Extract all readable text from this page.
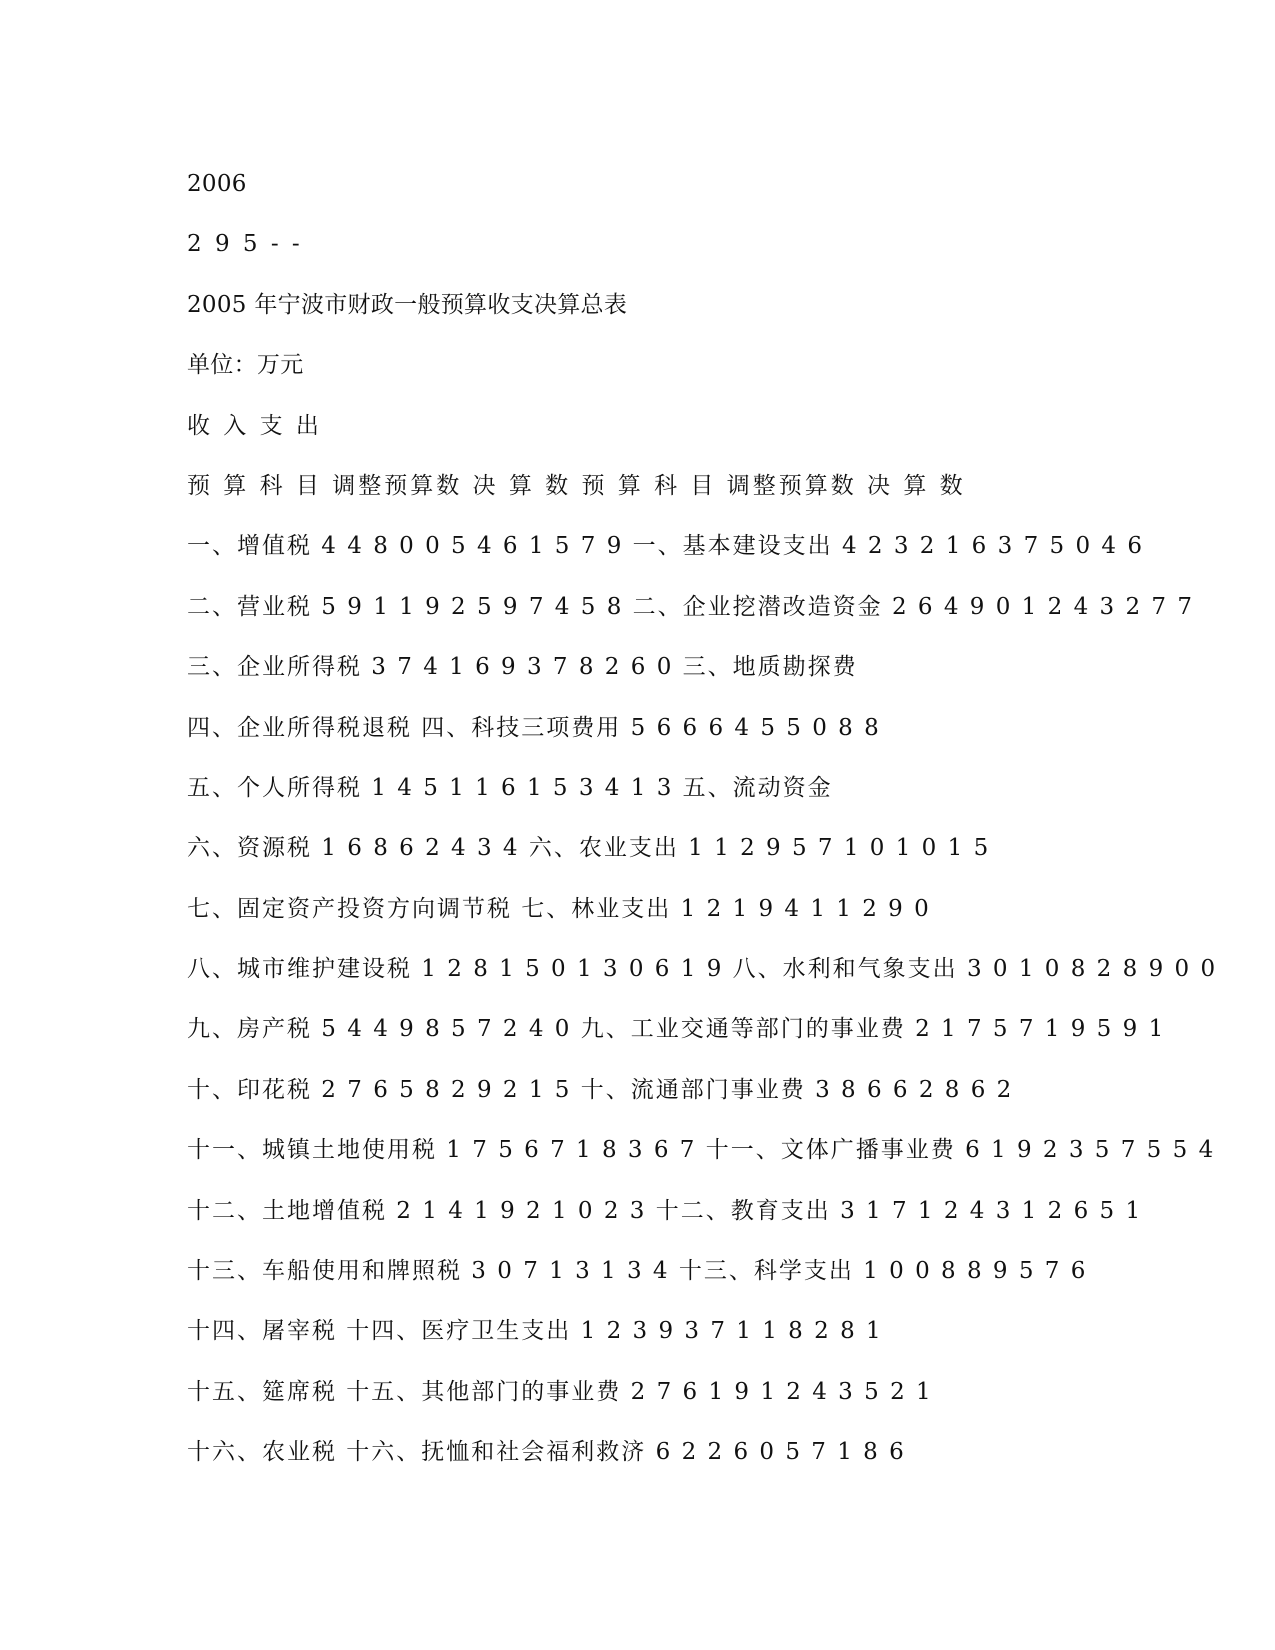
2006
2 9 5 - -
2005 年宁波市财政一般预算收支决算总表
单位：万元
收 入 支 出
预 算 科 目 调整预算数 决 算 数 预 算 科 目 调整预算数 决 算 数
一、增值税 4 4 8 0 0 5 4 6 1 5 7 9 一、基本建设支出 4 2 3 2 1 6 3 7 5 0 4 6
二、营业税 5 9 1 1 9 2 5 9 7 4 5 8 二、企业挖潜改造资金 2 6 4 9 0 1 2 4 3 2 7 7
三、企业所得税 3 7 4 1 6 9 3 7 8 2 6 0 三、地质勘探费
四、企业所得税退税 四、科技三项费用 5 6 6 6 4 5 5 0 8 8
五、个人所得税 1 4 5 1 1 6 1 5 3 4 1 3 五、流动资金
六、资源税 1 6 8 6 2 4 3 4 六、农业支出 1 1 2 9 5 7 1 0 1 0 1 5
七、固定资产投资方向调节税 七、林业支出 1 2 1 9 4 1 1 2 9 0
八、城市维护建设税 1 2 8 1 5 0 1 3 0 6 1 9 八、水利和气象支出 3 0 1 0 8 2 8 9 0 0
九、房产税 5 4 4 9 8 5 7 2 4 0 九、工业交通等部门的事业费 2 1 7 5 7 1 9 5 9 1
十、印花税 2 7 6 5 8 2 9 2 1 5 十、流通部门事业费 3 8 6 6 2 8 6 2
十一、城镇土地使用税 1 7 5 6 7 1 8 3 6 7 十一、文体广播事业费 6 1 9 2 3 5 7 5 5 4
十二、土地增值税 2 1 4 1 9 2 1 0 2 3 十二、教育支出 3 1 7 1 2 4 3 1 2 6 5 1
十三、车船使用和牌照税 3 0 7 1 3 1 3 4 十三、科学支出 1 0 0 8 8 9 5 7 6
十四、屠宰税 十四、医疗卫生支出 1 2 3 9 3 7 1 1 8 2 8 1
十五、筵席税 十五、其他部门的事业费 2 7 6 1 9 1 2 4 3 5 2 1
十六、农业税 十六、抚恤和社会福利救济 6 2 2 6 0 5 7 1 8 6
